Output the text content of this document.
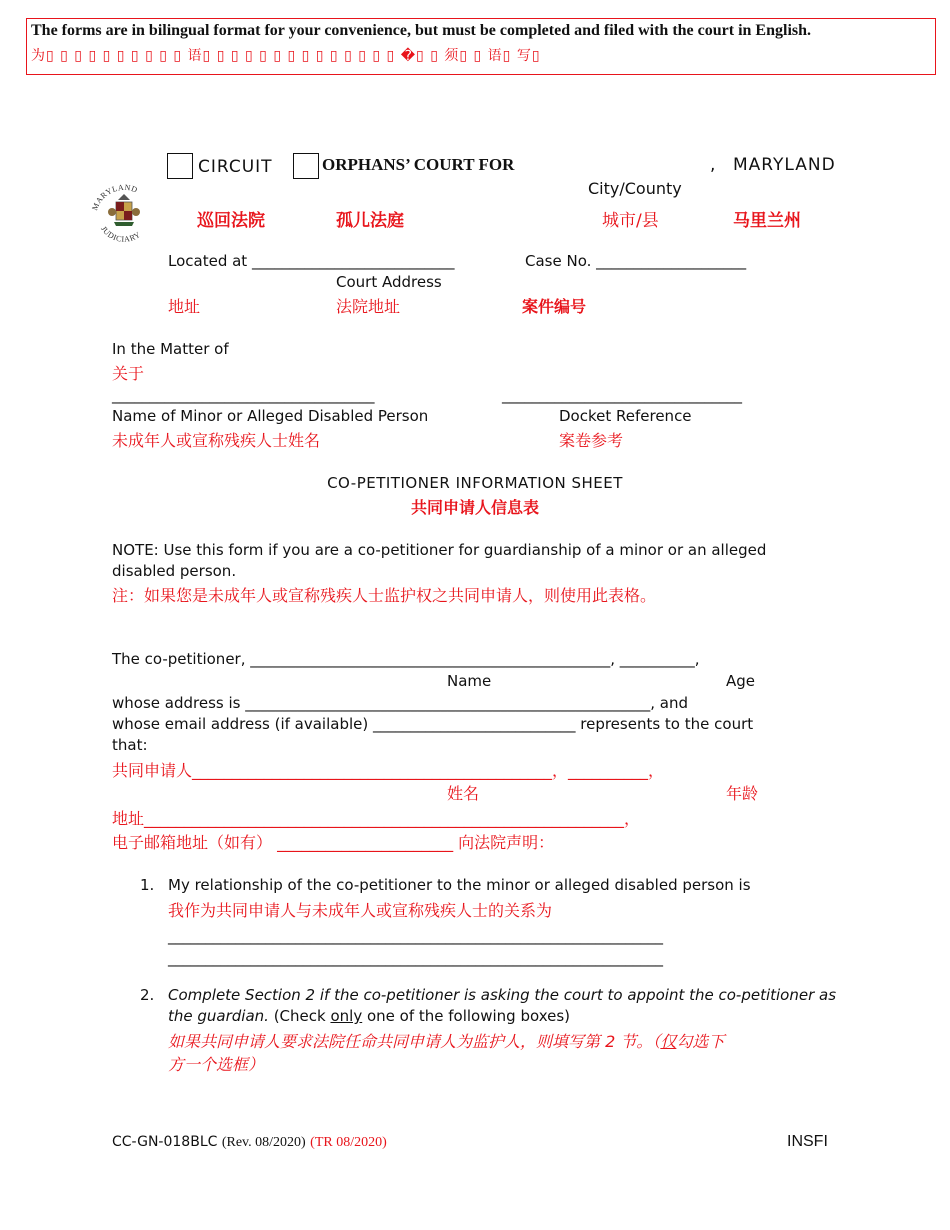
The forms are in bilingual format for your convenience, but must be completed and filed with the court in English.
为▯ ▯ ▯ ▯ ▯ ▯ ▯ ▯ ▯ ▯ 语▯ ▯ ▯ ▯ ▯ ▯ ▯ ▯ ▯ ▯ ▯ ▯ ▯ ▯ �▯ ▯ 须▯ ▯ 语▯ 写▯
CIRCUIT	ORPHANS’ COURT FOR	, MARYLAND
City/County
MARYLAND
JUDICIARY
巡回法院	孤儿法庭	城市/县	马里兰州
Located at ___________________________	Case No. ____________________
Court Address
地址	法院地址	案件编号
In the Matter of
关于
___________________________________	________________________________
Name of Minor or Alleged Disabled Person	Docket Reference
未成年人或宣称残疾人士姓名	案卷参考
CO-PETITIONER INFORMATION SHEET
共同申请人信息表
NOTE: Use this form if you are a co-petitioner for guardianship of a minor or an alleged
disabled person.
注：如果您是未成年人或宣称残疾人士监护权之共同申请人，则使用此表格。
The co-petitioner, ________________________________________________, __________,
Name	Age
whose address is ______________________________________________________, and
whose email address (if available) ___________________________ represents to the court
that:
共同申请人_____________________________________________，__________，
姓名	年龄
地址____________________________________________________________，
电子邮箱地址（如有） ______________________ 向法院声明：
1. My relationship of the co-petitioner to the minor or alleged disabled person is
我作为共同申请人与未成年人或宣称残疾人士的关系为
__________________________________________________________________
__________________________________________________________________
2. Complete Section 2 if the co-petitioner is asking the court to appoint the co-petitioner as
the guardian. (Check only one of the following boxes)
如果共同申请人要求法院任命共同申请人为监护人，则填写第 2 节。（仅勾选下
方一个选框）
CC-GN-018BLC (Rev. 08/2020) (TR 08/2020)	INSFI
